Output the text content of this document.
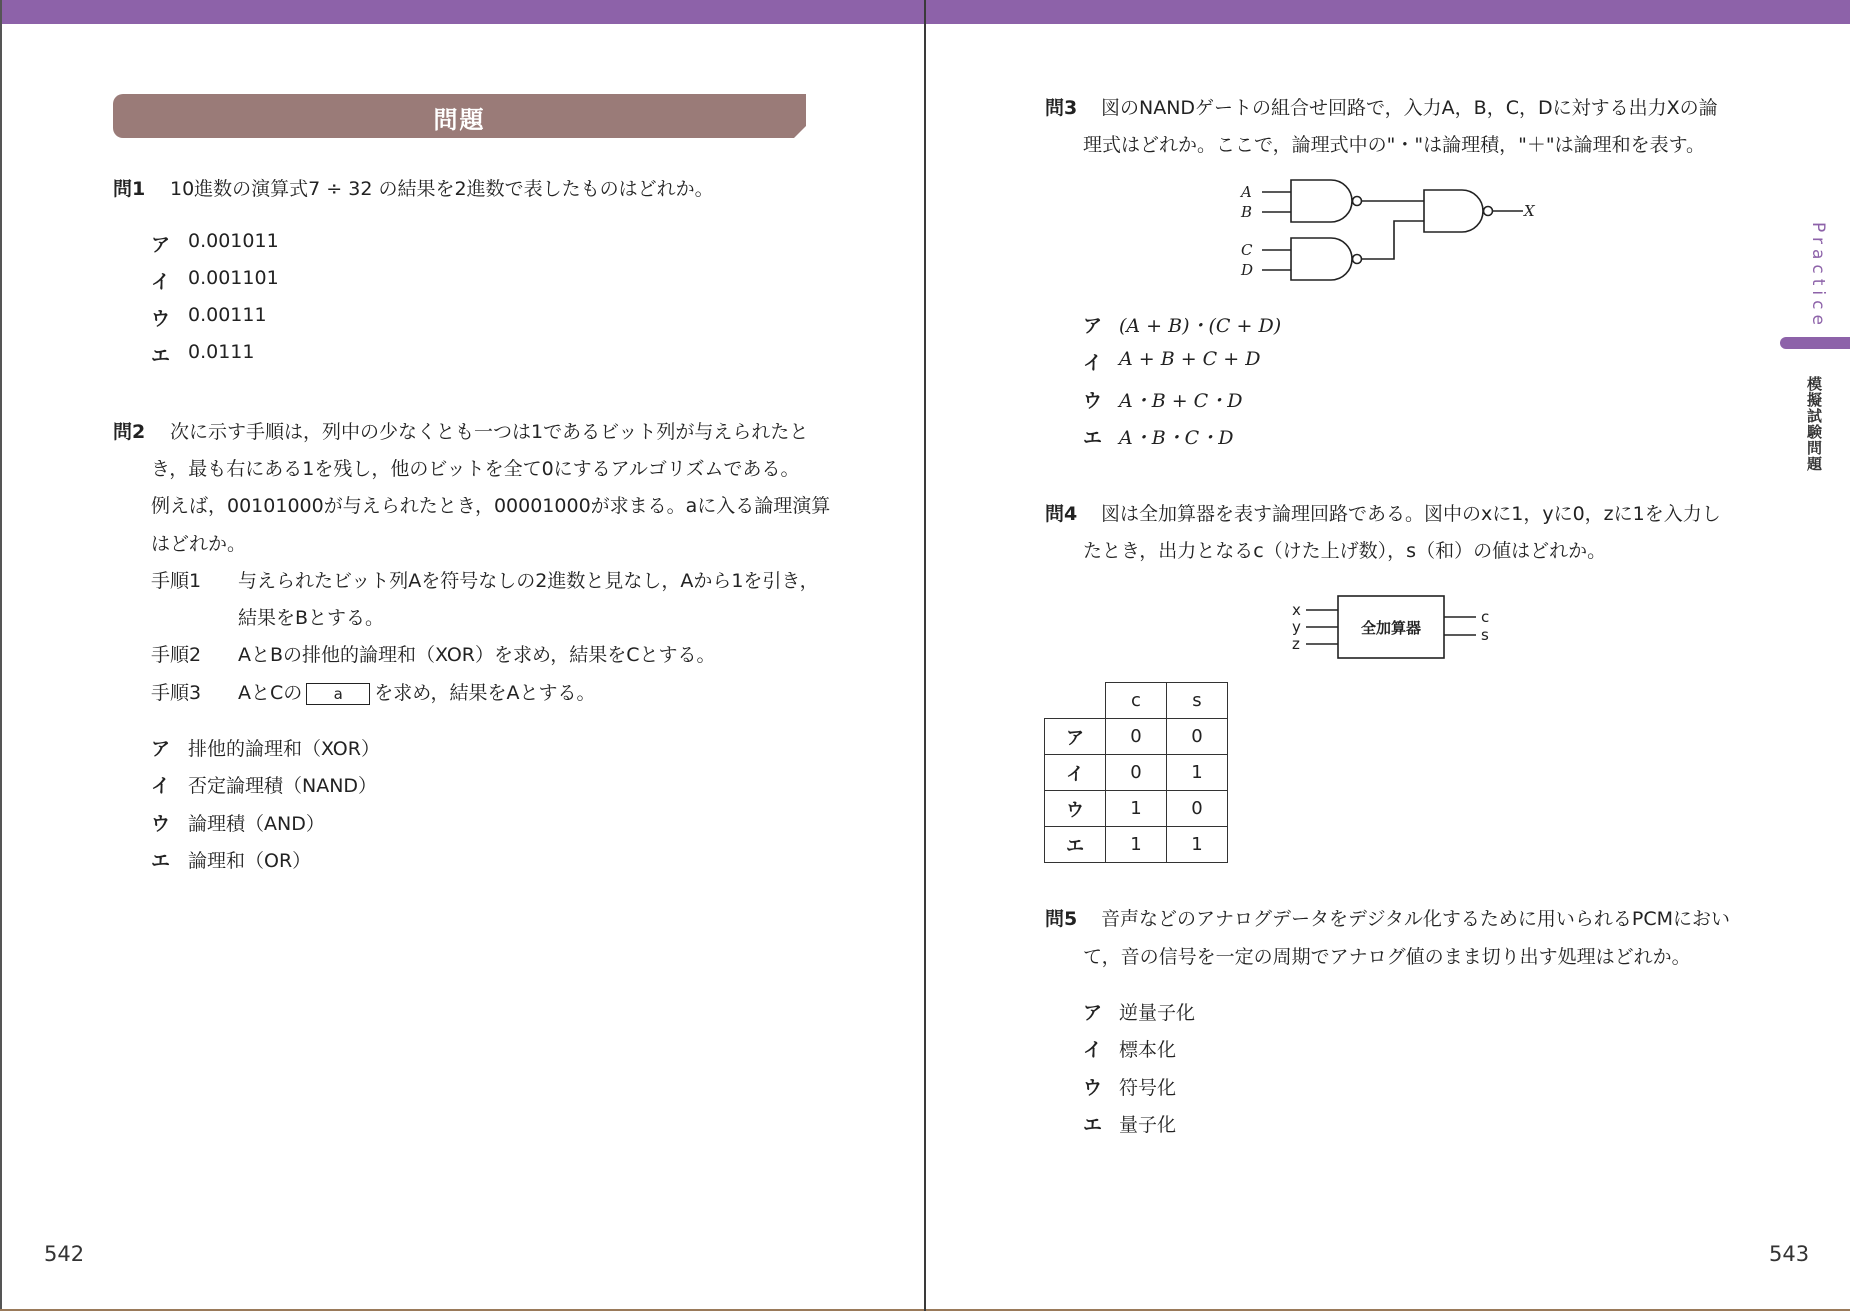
問題
問1 10進数の演算式7 ÷ 32 の結果を2進数で表したものはどれか。
ア 0.001011
イ 0.001101
ウ 0.00111
エ 0.0111
問2 次に示す手順は，列中の少なくとも一つは1であるビット列が与えられたと
き，最も右にある1を残し，他のビットを全て0にするアルゴリズムである。
例えば，00101000が与えられたとき，00001000が求まる。aに入る論理演算
はどれか。
手順1 与えられたビット列Aを符号なしの2進数と見なし，Aから1を引き，
結果をBとする。
手順2 AとBの排他的論理和（XOR）を求め，結果をCとする。
手順3 AとCの a を求め，結果をAとする。
ア 排他的論理和（XOR）
イ 否定論理積（NAND）
ウ 論理積（AND）
エ 論理和（OR）
542
問3 図のNANDゲートの組合せ回路で，入力A，B，C，Dに対する出力Xの論
理式はどれか。ここで，論理式中の"・"は論理積，"＋"は論理和を表す。
A
B
C
D
X
ア (A + B)・(C + D)
イ A + B + C + D
ウ A・B + C・D
エ A・B・C・D
問4 図は全加算器を表す論理回路である。図中のxに1，yに0，zに1を入力し
たとき，出力となるc（けた上げ数），s（和）の値はどれか。
x
y
z
c
s
全加算器
	c	s
ア	0	0
イ	0	1
ウ	1	0
エ	1	1
問5 音声などのアナログデータをデジタル化するために用いられるPCMにおい
て，音の信号を一定の周期でアナログ値のまま切り出す処理はどれか。
ア 逆量子化
イ 標本化
ウ 符号化
エ 量子化
543
Practice
模擬試験問題
